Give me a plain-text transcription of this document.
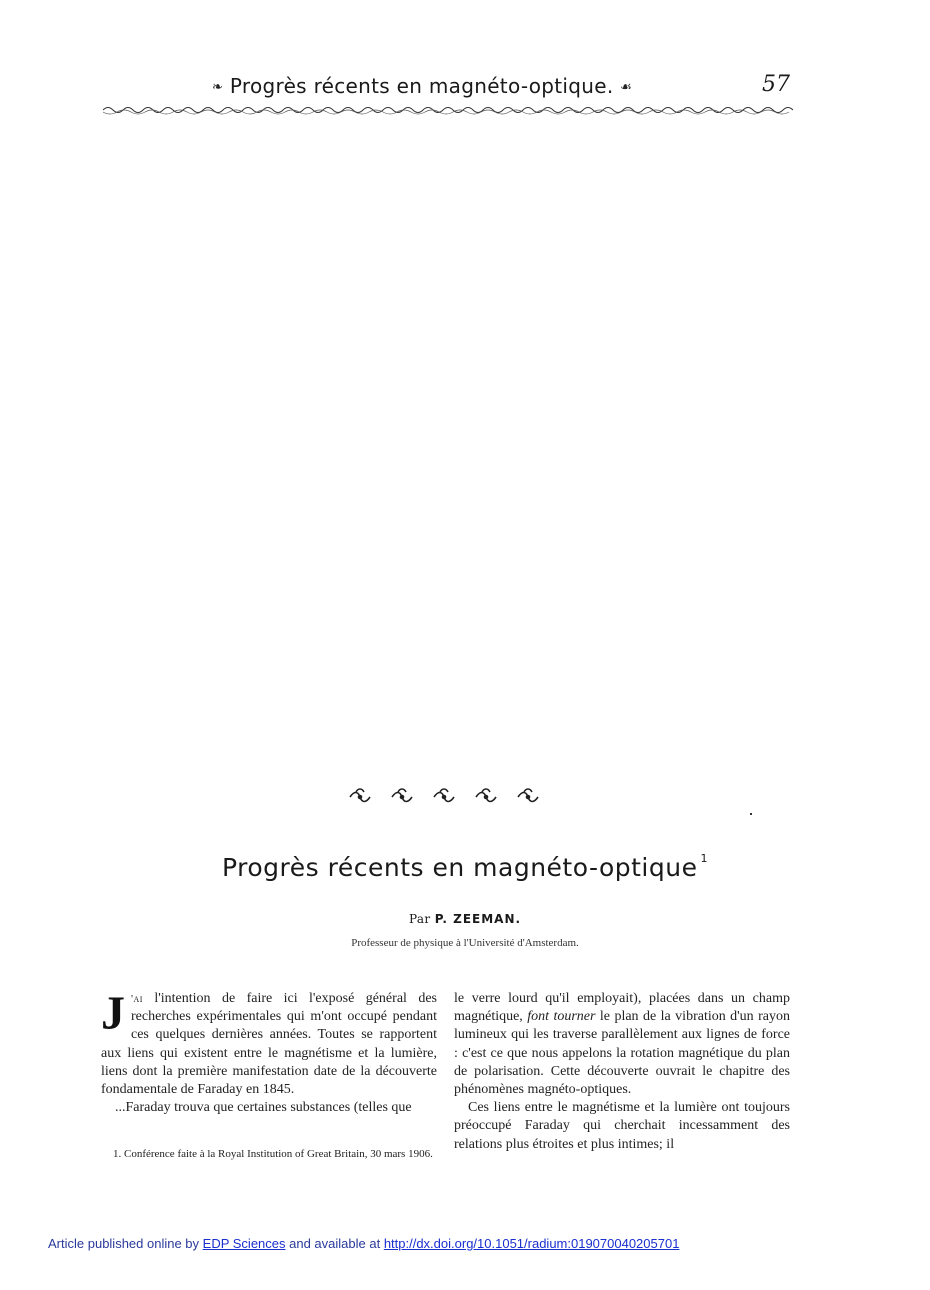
❧ Progrès récents en magnéto-optique. ☙	57
Progrès récents en magnéto-optique $^1$
Par P. ZEEMAN.
Professeur de physique à l'Université d'Amsterdam.

J 'ai l'intention de faire ici l'exposé général des recherches expérimentales qui m'ont occupé pendant ces quelques dernières années. Toutes se rapportent aux liens qui existent entre le magnétisme et la lumière, liens dont la première manifestation date de la découverte fondamentale de Faraday en 1845.

...Faraday trouva que certaines substances (telles que

1. Conférence faite à la Royal Institution of Great Britain, 30 mars 1906.

le verre lourd qu'il employait), placées dans un champ magnétique, font tourner le plan de la vibration d'un rayon lumineux qui les traverse parallèlement aux lignes de force : c'est ce que nous appelons la rotation magnétique du plan de polarisation. Cette découverte ouvrait le chapitre des phénomènes magnéto-optiques.

Ces liens entre le magnétisme et la lumière ont toujours préoccupé Faraday qui cherchait incessamment des relations plus étroites et plus intimes; il

Article published online by EDP Sciences and available at http://dx.doi.org/10.1051/radium:019070040205701
